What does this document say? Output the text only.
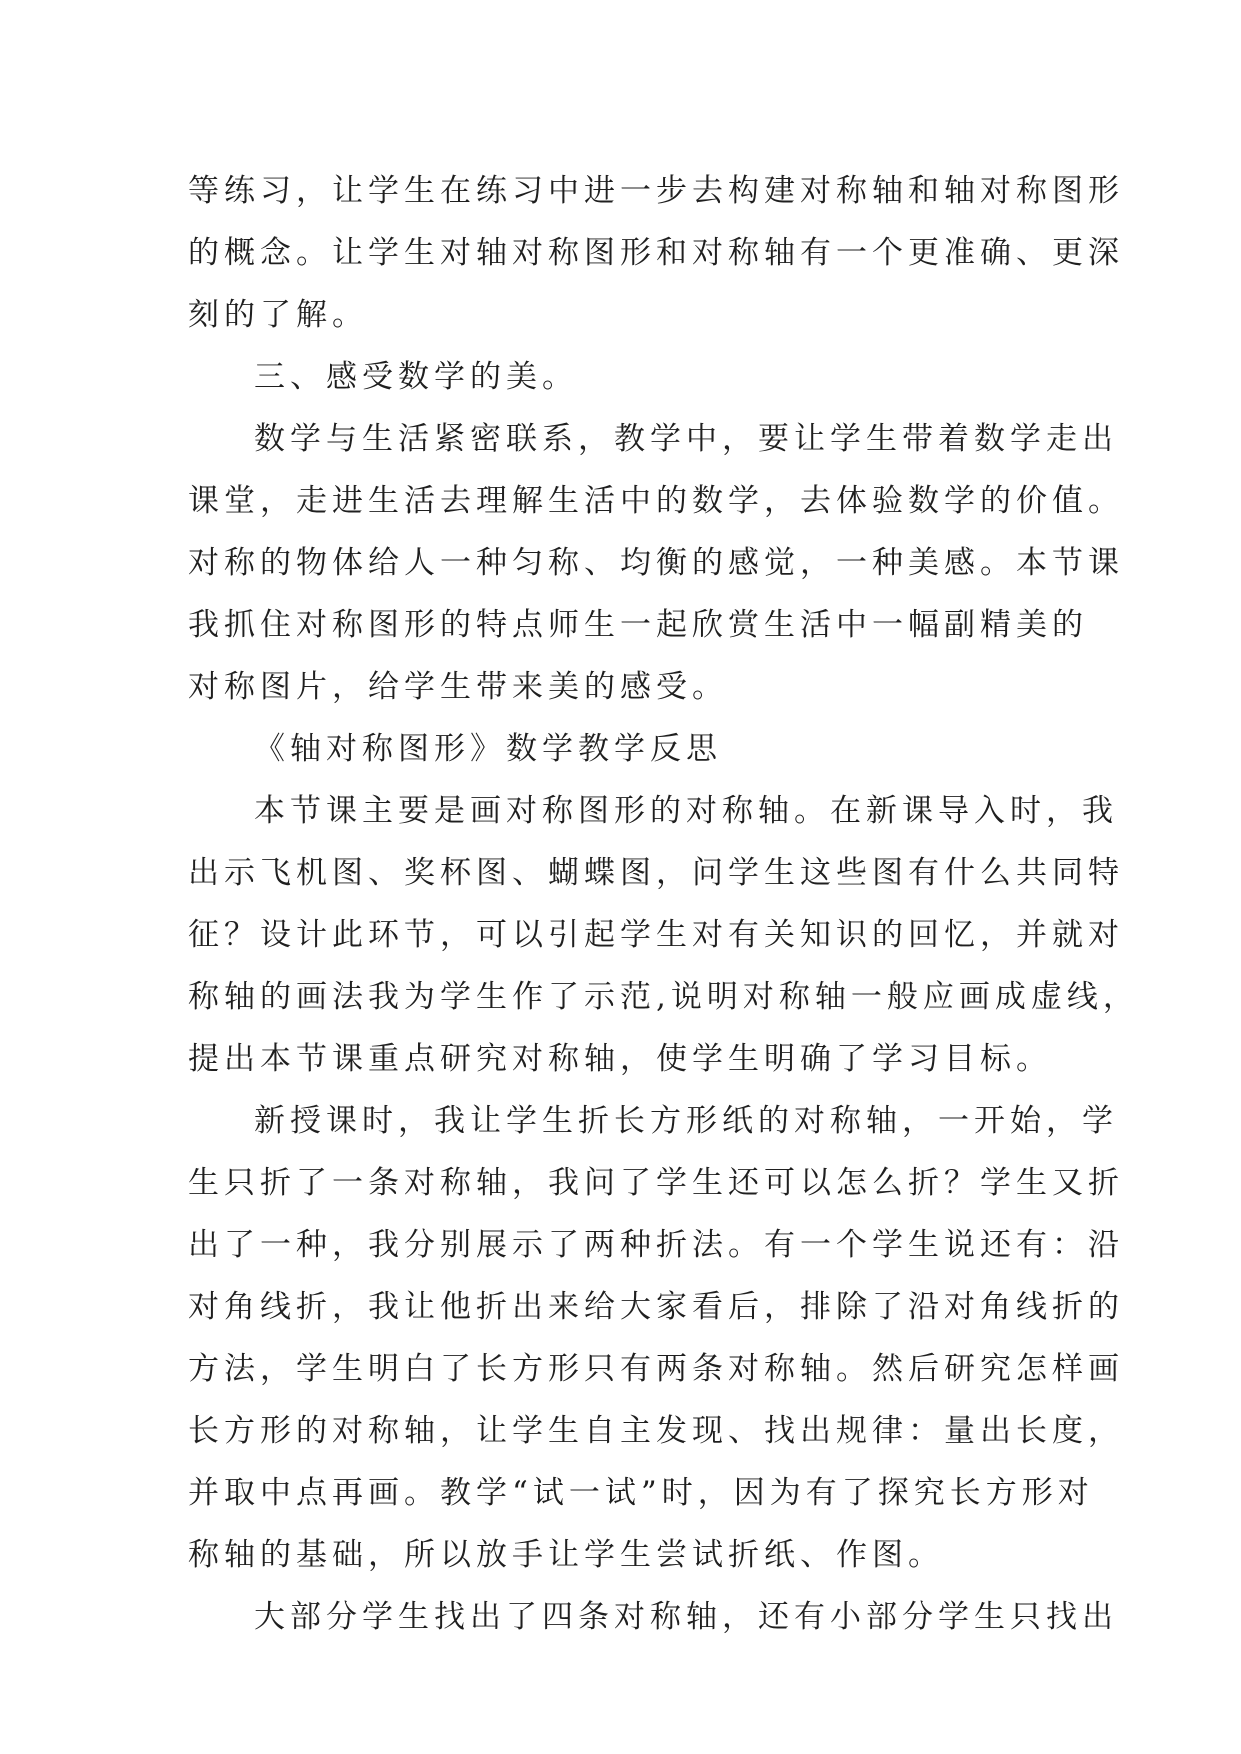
等练习，让学生在练习中进一步去构建对称轴和轴对称图形
的概念。让学生对轴对称图形和对称轴有一个更准确、更深
刻的了解。
三、感受数学的美。
数学与生活紧密联系，教学中，要让学生带着数学走出
课堂，走进生活去理解生活中的数学，去体验数学的价值。
对称的物体给人一种匀称、均衡的感觉，一种美感。本节课
我抓住对称图形的特点师生一起欣赏生活中一幅副精美的
对称图片，给学生带来美的感受。
《轴对称图形》数学教学反思
本节课主要是画对称图形的对称轴。在新课导入时，我
出示飞机图、奖杯图、蝴蝶图，问学生这些图有什么共同特
征？设计此环节，可以引起学生对有关知识的回忆，并就对
称轴的画法我为学生作了示范,说明对称轴一般应画成虚线，
提出本节课重点研究对称轴，使学生明确了学习目标。
新授课时，我让学生折长方形纸的对称轴，一开始，学
生只折了一条对称轴，我问了学生还可以怎么折？学生又折
出了一种，我分别展示了两种折法。有一个学生说还有：沿
对角线折，我让他折出来给大家看后，排除了沿对角线折的
方法，学生明白了长方形只有两条对称轴。然后研究怎样画
长方形的对称轴，让学生自主发现、找出规律：量出长度，
并取中点再画。教学“试一试”时，因为有了探究长方形对
称轴的基础，所以放手让学生尝试折纸、作图。
大部分学生找出了四条对称轴，还有小部分学生只找出
